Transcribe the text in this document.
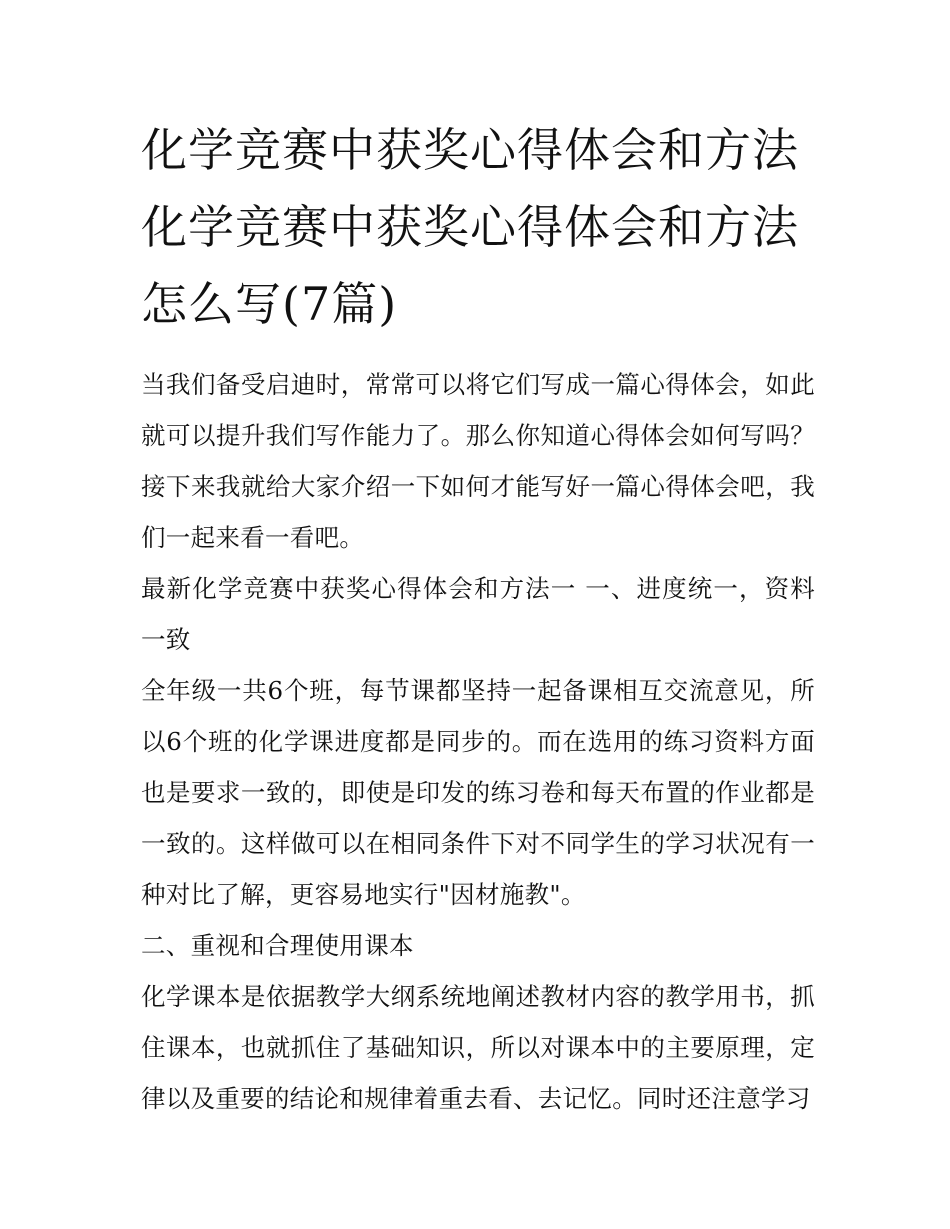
化学竞赛中获奖心得体会和方法 化学竞赛中获奖心得体会和方法怎么写(7篇)

当我们备受启迪时，常常可以将它们写成一篇心得体会，如此就可以提升我们写作能力了。那么你知道心得体会如何写吗？接下来我就给大家介绍一下如何才能写好一篇心得体会吧，我们一起来看一看吧。

最新化学竞赛中获奖心得体会和方法一 一、进度统一，资料一致

全年级一共6个班，每节课都坚持一起备课相互交流意见，所以6个班的化学课进度都是同步的。而在选用的练习资料方面也是要求一致的，即使是印发的练习卷和每天布置的作业都是一致的。这样做可以在相同条件下对不同学生的学习状况有一种对比了解，更容易地实行"因材施教"。

二、重视和合理使用课本

化学课本是依据教学大纲系统地阐述教材内容的教学用书，抓住课本，也就抓住了基础知识，所以对课本中的主要原理，定律以及重要的结论和规律着重去看、去记忆。同时还注意学习
